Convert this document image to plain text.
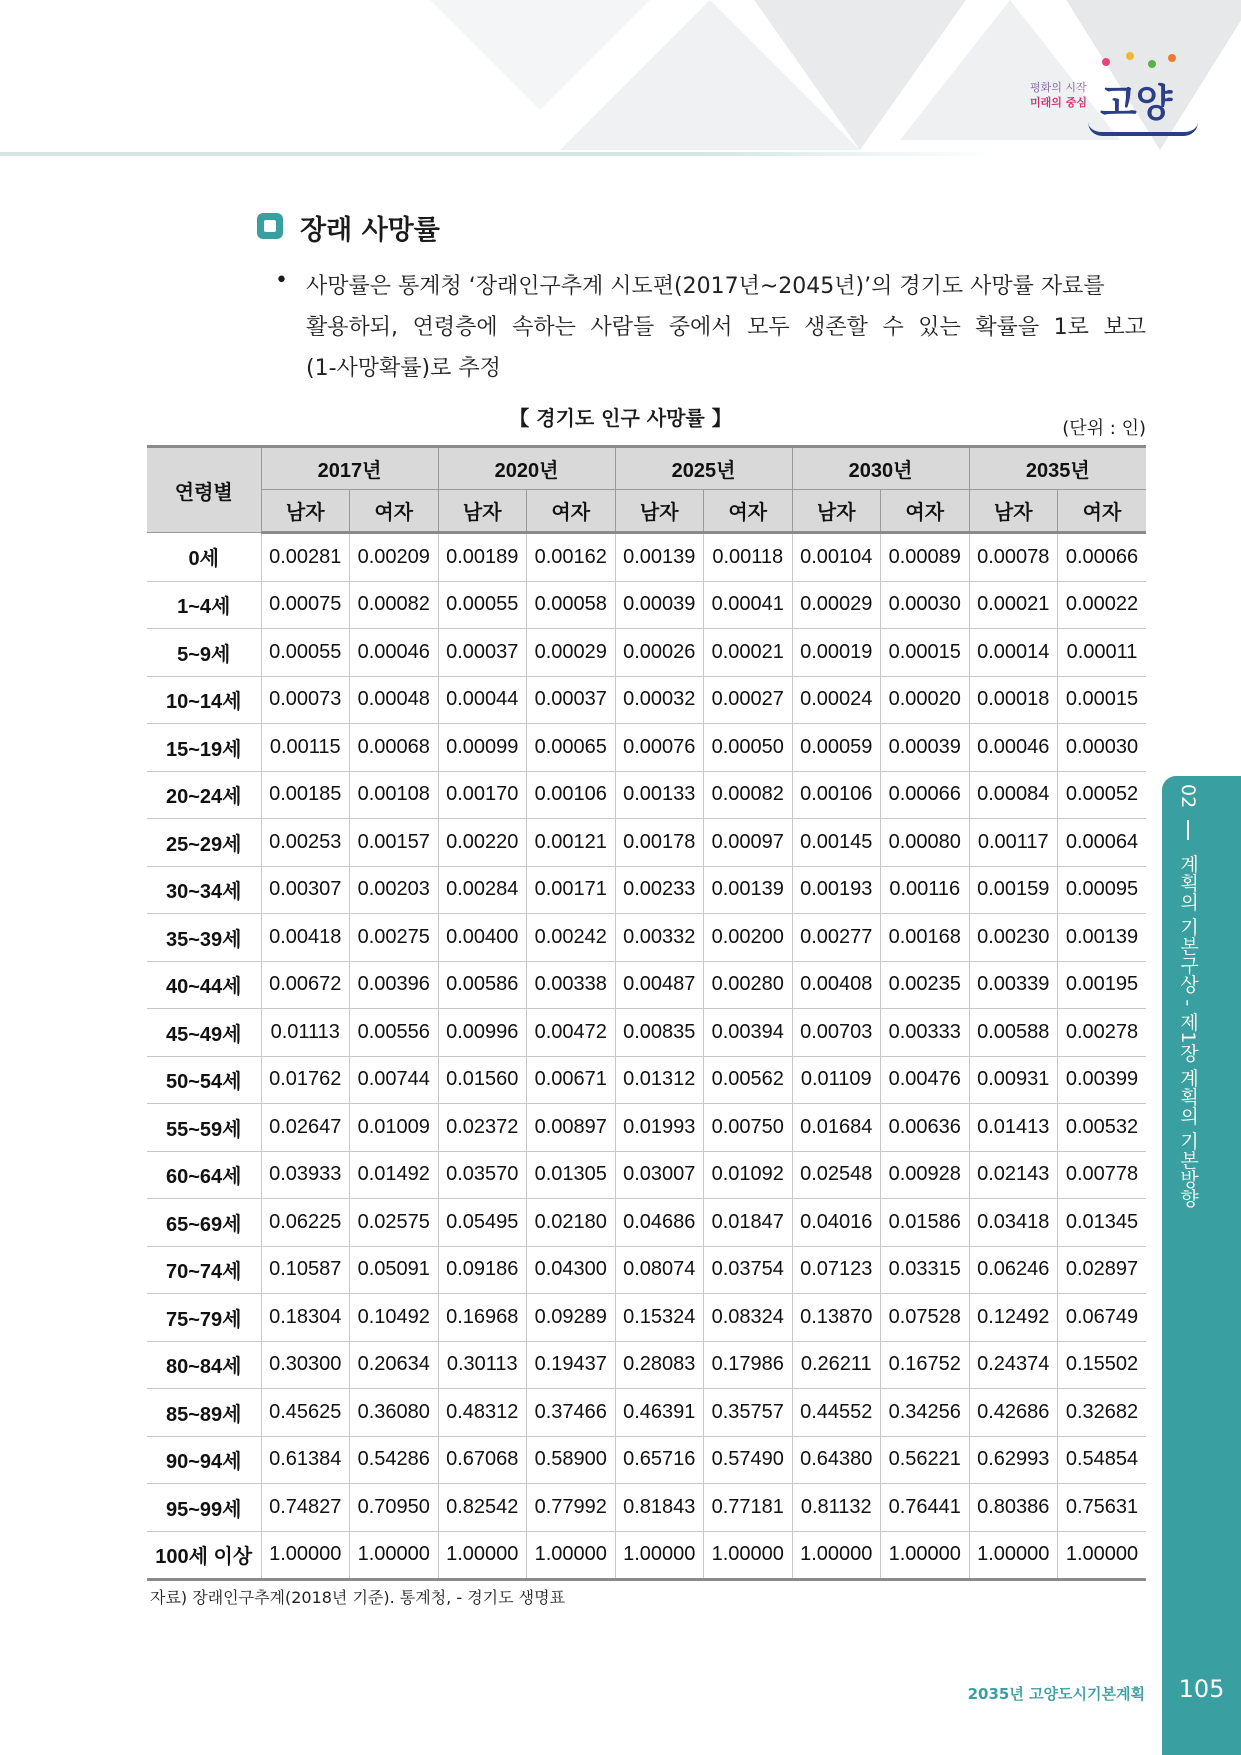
평화의 시작
미래의 중심 고양
장래 사망률
• 사망률은 통계청 ‘장래인구추계 시도편(2017년~2045년)’의 경기도 사망률 자료를
활용하되, 연령층에 속하는 사람들 중에서 모두 생존할 수 있는 확률을 1로 보고
(1-사망확률)로 추정
【 경기도 인구 사망률 】	(단위 : 인)
연령별	2017년		2020년		2025년		2030년		2035년	
	남자	여자	남자	여자	남자	여자	남자	여자	남자	여자
0세	0.00281	0.00209	0.00189	0.00162	0.00139	0.00118	0.00104	0.00089	0.00078	0.00066
1~4세	0.00075	0.00082	0.00055	0.00058	0.00039	0.00041	0.00029	0.00030	0.00021	0.00022
5~9세	0.00055	0.00046	0.00037	0.00029	0.00026	0.00021	0.00019	0.00015	0.00014	0.00011
10~14세	0.00073	0.00048	0.00044	0.00037	0.00032	0.00027	0.00024	0.00020	0.00018	0.00015
15~19세	0.00115	0.00068	0.00099	0.00065	0.00076	0.00050	0.00059	0.00039	0.00046	0.00030
20~24세	0.00185	0.00108	0.00170	0.00106	0.00133	0.00082	0.00106	0.00066	0.00084	0.00052
25~29세	0.00253	0.00157	0.00220	0.00121	0.00178	0.00097	0.00145	0.00080	0.00117	0.00064
30~34세	0.00307	0.00203	0.00284	0.00171	0.00233	0.00139	0.00193	0.00116	0.00159	0.00095
35~39세	0.00418	0.00275	0.00400	0.00242	0.00332	0.00200	0.00277	0.00168	0.00230	0.00139
40~44세	0.00672	0.00396	0.00586	0.00338	0.00487	0.00280	0.00408	0.00235	0.00339	0.00195
45~49세	0.01113	0.00556	0.00996	0.00472	0.00835	0.00394	0.00703	0.00333	0.00588	0.00278
50~54세	0.01762	0.00744	0.01560	0.00671	0.01312	0.00562	0.01109	0.00476	0.00931	0.00399
55~59세	0.02647	0.01009	0.02372	0.00897	0.01993	0.00750	0.01684	0.00636	0.01413	0.00532
60~64세	0.03933	0.01492	0.03570	0.01305	0.03007	0.01092	0.02548	0.00928	0.02143	0.00778
65~69세	0.06225	0.02575	0.05495	0.02180	0.04686	0.01847	0.04016	0.01586	0.03418	0.01345
70~74세	0.10587	0.05091	0.09186	0.04300	0.08074	0.03754	0.07123	0.03315	0.06246	0.02897
75~79세	0.18304	0.10492	0.16968	0.09289	0.15324	0.08324	0.13870	0.07528	0.12492	0.06749
80~84세	0.30300	0.20634	0.30113	0.19437	0.28083	0.17986	0.26211	0.16752	0.24374	0.15502
85~89세	0.45625	0.36080	0.48312	0.37466	0.46391	0.35757	0.44552	0.34256	0.42686	0.32682
90~94세	0.61384	0.54286	0.67068	0.58900	0.65716	0.57490	0.64380	0.56221	0.62993	0.54854
95~99세	0.74827	0.70950	0.82542	0.77992	0.81843	0.77181	0.81132	0.76441	0.80386	0.75631
100세 이상	1.00000	1.00000	1.00000	1.00000	1.00000	1.00000	1.00000	1.00000	1.00000	1.00000
자료) 장래인구추계(2018년 기준). 통계청, - 경기도 생명표
02  계획의 기본구상 - 제1장 계획의 기본방향
2035년 고양도시기본계획	105
